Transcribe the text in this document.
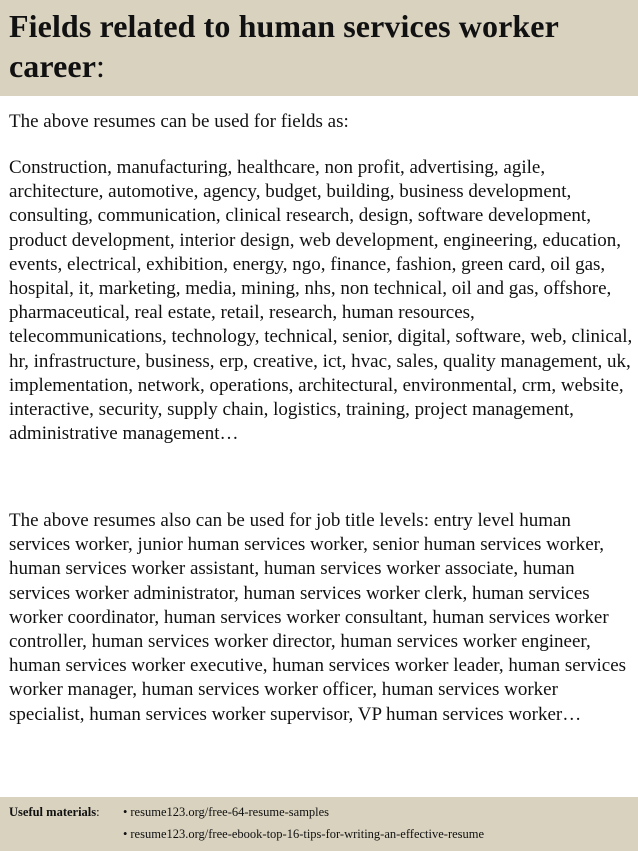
Fields related to human services worker career:

The above resumes can be used for fields as:

Construction, manufacturing, healthcare, non profit, advertising, agile, architecture, automotive, agency, budget, building, business development, consulting, communication, clinical research, design, software development, product development, interior design, web development, engineering, education, events, electrical, exhibition, energy, ngo, finance, fashion, green card, oil gas, hospital, it, marketing, media, mining, nhs, non technical, oil and gas, offshore, pharmaceutical, real estate, retail, research, human resources, telecommunications, technology, technical, senior, digital, software, web, clinical, hr, infrastructure, business, erp, creative, ict, hvac, sales, quality management, uk, implementation, network, operations, architectural, environmental, crm, website, interactive, security, supply chain, logistics, training, project management, administrative management…

The above resumes also can be used for job title levels: entry level human services worker, junior human services worker, senior human services worker, human services worker assistant, human services worker associate, human services worker administrator, human services worker clerk, human services worker coordinator, human services worker consultant, human services worker controller, human services worker director, human services worker engineer, human services worker executive, human services worker leader, human services worker manager, human services worker officer, human services worker specialist, human services worker supervisor, VP human services worker…

Useful materials: • resume123.org/free-64-resume-samples
• resume123.org/free-ebook-top-16-tips-for-writing-an-effective-resume
